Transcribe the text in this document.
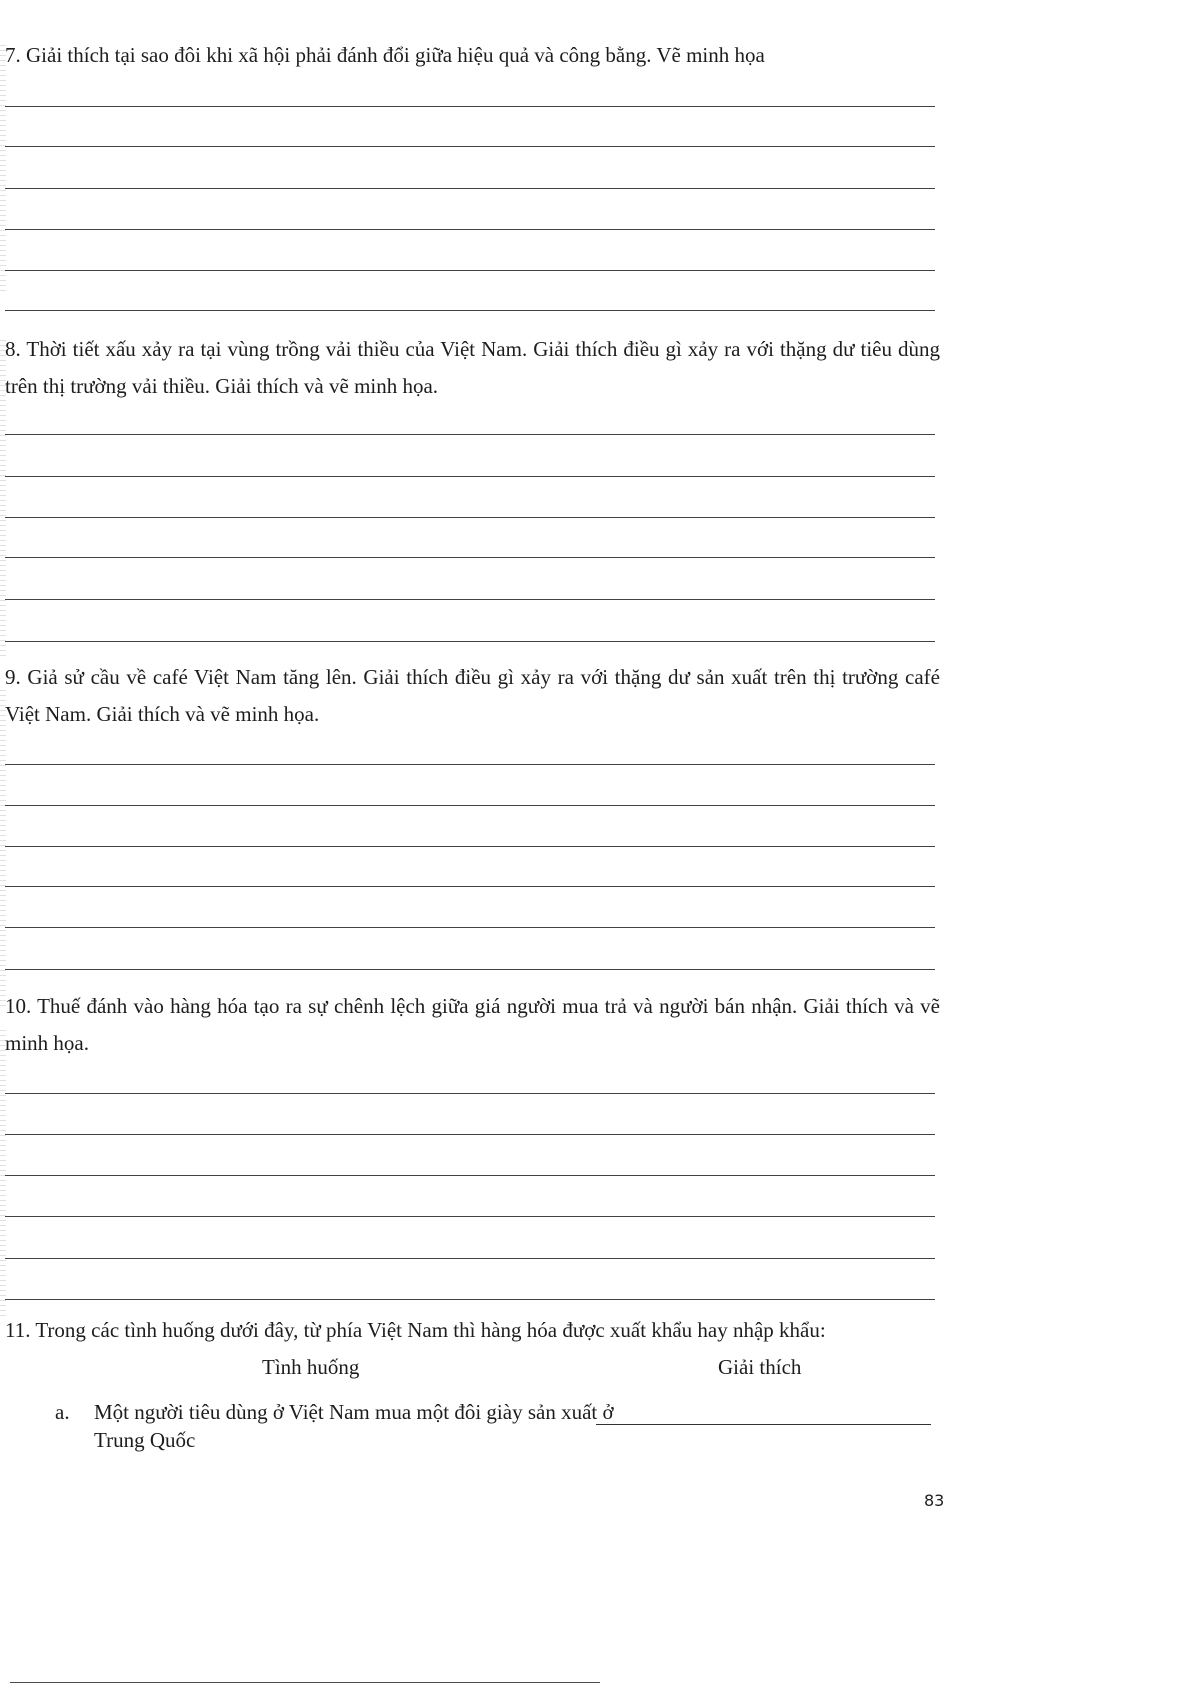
7. Giải thích tại sao đôi khi xã hội phải đánh đổi giữa hiệu quả và công bằng. Vẽ minh họa

8. Thời tiết xấu xảy ra tại vùng trồng vải thiều của Việt Nam. Giải thích điều gì xảy ra với thặng dư tiêu dùng trên thị trường vải thiều. Giải thích và vẽ minh họa.

9. Giả sử cầu về café Việt Nam tăng lên. Giải thích điều gì xảy ra với thặng dư sản xuất trên thị trường café Việt Nam. Giải thích và vẽ minh họa.

10. Thuế đánh vào hàng hóa tạo ra sự chênh lệch giữa giá người mua trả và người bán nhận. Giải thích và vẽ minh họa.

11. Trong các tình huống dưới đây, từ phía Việt Nam thì hàng hóa được xuất khẩu hay nhập khẩu:

Tình huống	Giải thích
a. Một người tiêu dùng ở Việt Nam mua một đôi giày sản xuất ở Trung Quốc
83
